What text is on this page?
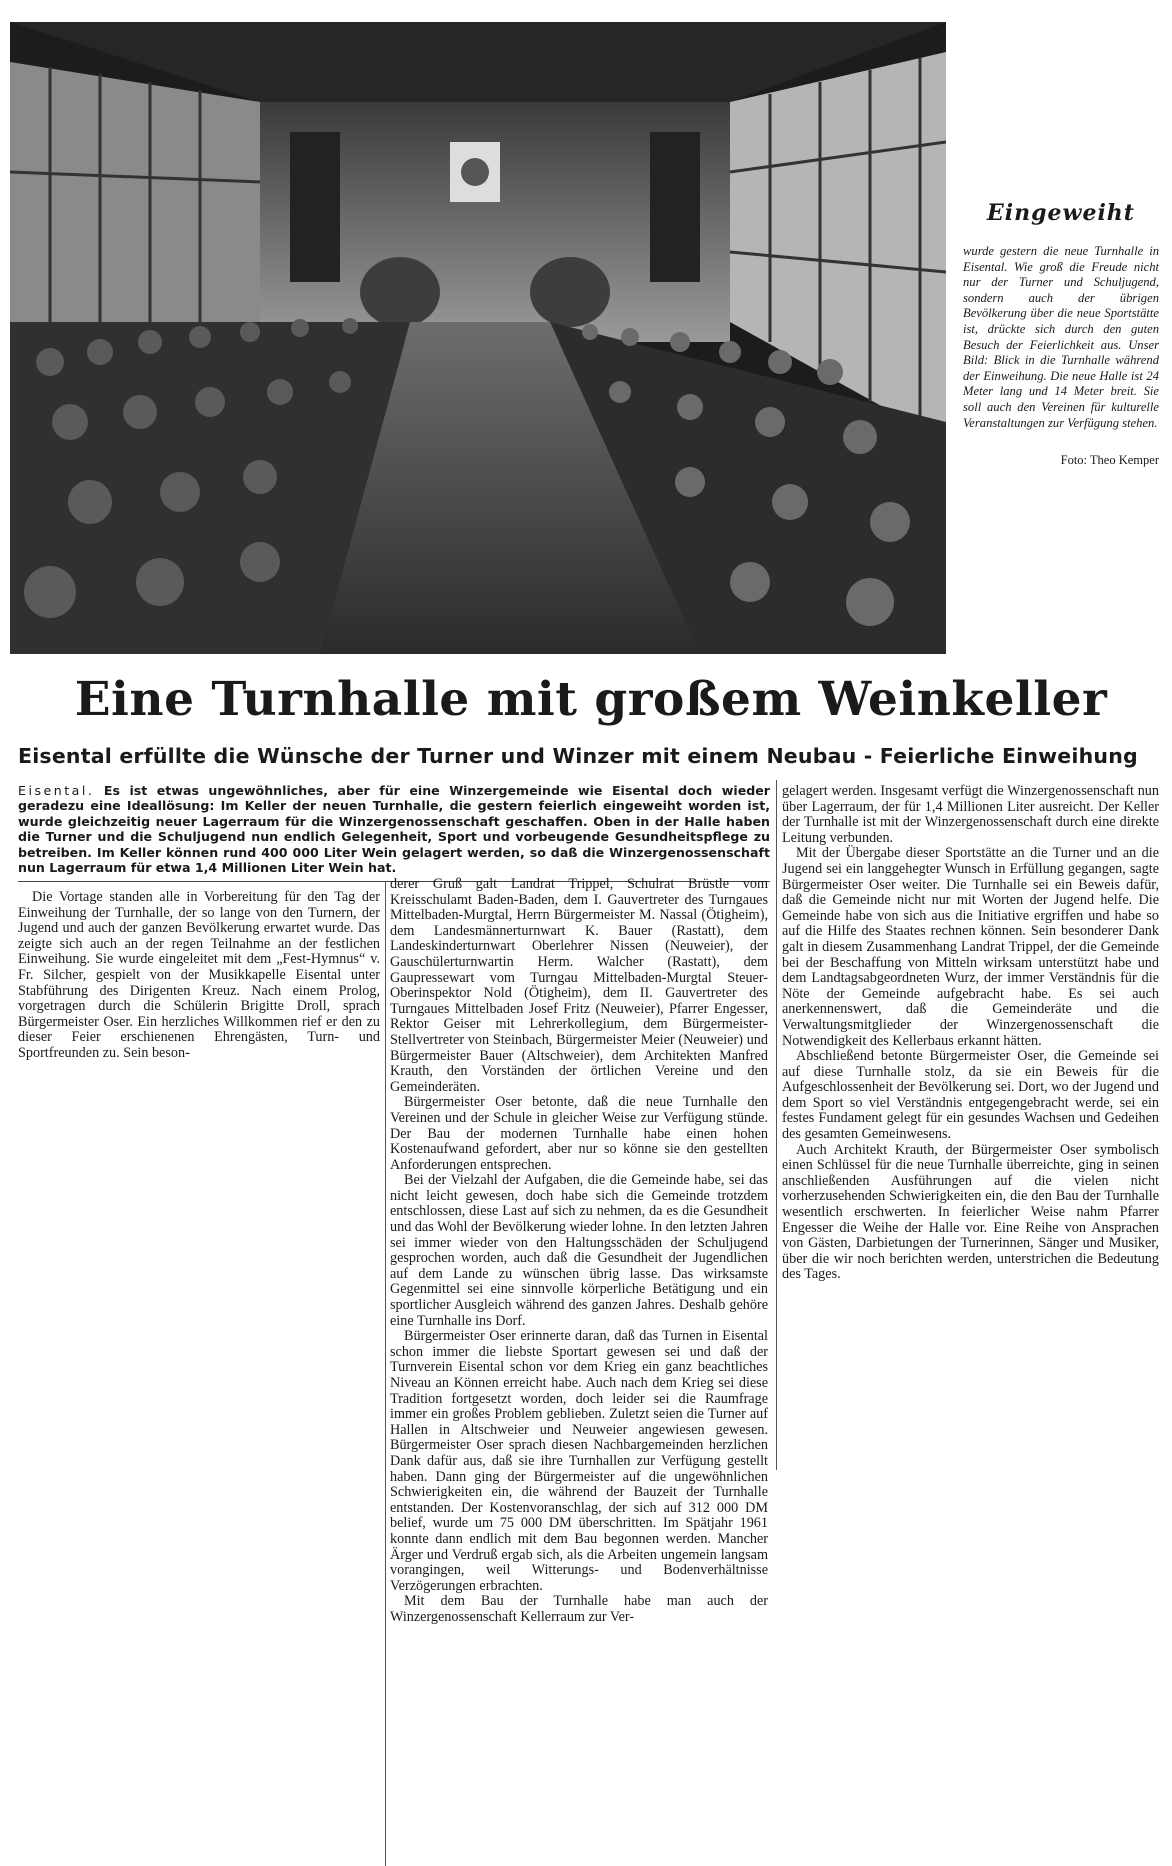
Eingeweiht

wurde gestern die neue Turnhalle in Eisental. Wie groß die Freude nicht nur der Turner und Schuljugend, sondern auch der übrigen Bevölkerung über die neue Sportstätte ist, drückte sich durch den guten Besuch der Feierlichkeit aus. Unser Bild: Blick in die Turnhalle während der Einweihung. Die neue Halle ist 24 Meter lang und 14 Meter breit. Sie soll auch den Vereinen für kulturelle Veranstaltungen zur Verfügung stehen.

Foto: Theo Kemper
Eine Turnhalle mit großem Weinkeller
Eisental erfüllte die Wünsche der Turner und Winzer mit einem Neubau - Feierliche Einweihung

Eisental. Es ist etwas ungewöhnliches, aber für eine Winzergemeinde wie Eisental doch wieder geradezu eine Ideallösung: Im Keller der neuen Turnhalle, die gestern feierlich eingeweiht worden ist, wurde gleichzeitig neuer Lagerraum für die Winzergenossenschaft geschaffen. Oben in der Halle haben die Turner und die Schuljugend nun endlich Gelegenheit, Sport und vorbeugende Gesundheitspflege zu betreiben. Im Keller können rund 400 000 Liter Wein gelagert werden, so daß die Winzergenossenschaft nun Lagerraum für etwa 1,4 Millionen Liter Wein hat.

Die Vortage standen alle in Vorbereitung für den Tag der Einweihung der Turnhalle, der so lange von den Turnern, der Jugend und auch der ganzen Bevölkerung erwartet wurde. Das zeigte sich auch an der regen Teilnahme an der festlichen Einweihung. Sie wurde eingeleitet mit dem „Fest-Hymnus“ v. Fr. Silcher, gespielt von der Musikkapelle Eisental unter Stabführung des Dirigenten Kreuz. Nach einem Prolog, vorgetragen durch die Schülerin Brigitte Droll, sprach Bürgermeister Oser. Ein herzliches Willkommen rief er den zu dieser Feier erschienenen Ehrengästen, Turn- und Sportfreunden zu. Sein beson-

derer Gruß galt Landrat Trippel, Schulrat Brüstle vom Kreisschulamt Baden-Baden, dem I. Gauvertreter des Turngaues Mittelbaden-Murgtal, Herrn Bürgermeister M. Nassal (Ötigheim), dem Landesmännerturnwart K. Bauer (Rastatt), dem Landeskinderturnwart Oberlehrer Nissen (Neuweier), der Gauschülerturnwartin Herm. Walcher (Rastatt), dem Gaupressewart vom Turngau Mittelbaden-Murgtal Steuer-Oberinspektor Nold (Ötigheim), dem II. Gauvertreter des Turngaues Mittelbaden Josef Fritz (Neuweier), Pfarrer Engesser, Rektor Geiser mit Lehrerkollegium, dem Bürgermeister-Stellvertreter von Steinbach, Bürgermeister Meier (Neuweier) und Bürgermeister Bauer (Altschweier), dem Architekten Manfred Krauth, den Vorständen der örtlichen Vereine und den Gemeinderäten.

Bürgermeister Oser betonte, daß die neue Turnhalle den Vereinen und der Schule in gleicher Weise zur Verfügung stünde. Der Bau der modernen Turnhalle habe einen hohen Kostenaufwand gefordert, aber nur so könne sie den gestellten Anforderungen entsprechen.

Bei der Vielzahl der Aufgaben, die die Gemeinde habe, sei das nicht leicht gewesen, doch habe sich die Gemeinde trotzdem entschlossen, diese Last auf sich zu nehmen, da es die Gesundheit und das Wohl der Bevölkerung wieder lohne. In den letzten Jahren sei immer wieder von den Haltungsschäden der Schuljugend gesprochen worden, auch daß die Gesundheit der Jugendlichen auf dem Lande zu wünschen übrig lasse. Das wirksamste Gegenmittel sei eine sinnvolle körperliche Betätigung und ein sportlicher Ausgleich während des ganzen Jahres. Deshalb gehöre eine Turnhalle ins Dorf.

Bürgermeister Oser erinnerte daran, daß das Turnen in Eisental schon immer die liebste Sportart gewesen sei und daß der Turnverein Eisental schon vor dem Krieg ein ganz beachtliches Niveau an Können erreicht habe. Auch nach dem Krieg sei diese Tradition fortgesetzt worden, doch leider sei die Raumfrage immer ein großes Problem geblieben. Zuletzt seien die Turner auf Hallen in Altschweier und Neuweier angewiesen gewesen. Bürgermeister Oser sprach diesen Nachbargemeinden herzlichen Dank dafür aus, daß sie ihre Turnhallen zur Verfügung gestellt haben. Dann ging der Bürgermeister auf die ungewöhnlichen Schwierigkeiten ein, die während der Bauzeit der Turnhalle entstanden. Der Kostenvoranschlag, der sich auf 312 000 DM belief, wurde um 75 000 DM überschritten. Im Spätjahr 1961 konnte dann endlich mit dem Bau begonnen werden. Mancher Ärger und Verdruß ergab sich, als die Arbeiten ungemein langsam vorangingen, weil Witterungs- und Bodenverhältnisse Verzögerungen erbrachten.

Mit dem Bau der Turnhalle habe man auch der Winzergenossenschaft Kellerraum zur Ver-

gelagert werden. Insgesamt verfügt die Winzergenossenschaft nun über Lagerraum, der für 1,4 Millionen Liter ausreicht. Der Keller der Turnhalle ist mit der Winzergenossenschaft durch eine direkte Leitung verbunden.

Mit der Übergabe dieser Sportstätte an die Turner und an die Jugend sei ein langgehegter Wunsch in Erfüllung gegangen, sagte Bürgermeister Oser weiter. Die Turnhalle sei ein Beweis dafür, daß die Gemeinde nicht nur mit Worten der Jugend helfe. Die Gemeinde habe von sich aus die Initiative ergriffen und habe so auf die Hilfe des Staates rechnen können. Sein besonderer Dank galt in diesem Zusammenhang Landrat Trippel, der die Gemeinde bei der Beschaffung von Mitteln wirksam unterstützt habe und dem Landtagsabgeordneten Wurz, der immer Verständnis für die Nöte der Gemeinde aufgebracht habe. Es sei auch anerkennenswert, daß die Gemeinderäte und die Verwaltungsmitglieder der Winzergenossenschaft die Notwendigkeit des Kellerbaus erkannt hätten.

Abschließend betonte Bürgermeister Oser, die Gemeinde sei auf diese Turnhalle stolz, da sie ein Beweis für die Aufgeschlossenheit der Bevölkerung sei. Dort, wo der Jugend und dem Sport so viel Verständnis entgegengebracht werde, sei ein festes Fundament gelegt für ein gesundes Wachsen und Gedeihen des gesamten Gemeinwesens.

Auch Architekt Krauth, der Bürgermeister Oser symbolisch einen Schlüssel für die neue Turnhalle überreichte, ging in seinen anschließenden Ausführungen auf die vielen nicht vorherzusehenden Schwierigkeiten ein, die den Bau der Turnhalle wesentlich erschwerten. In feierlicher Weise nahm Pfarrer Engesser die Weihe der Halle vor. Eine Reihe von Ansprachen von Gästen, Darbietungen der Turnerinnen, Sänger und Musiker, über die wir noch berichten werden, unterstrichen die Bedeutung des Tages.
